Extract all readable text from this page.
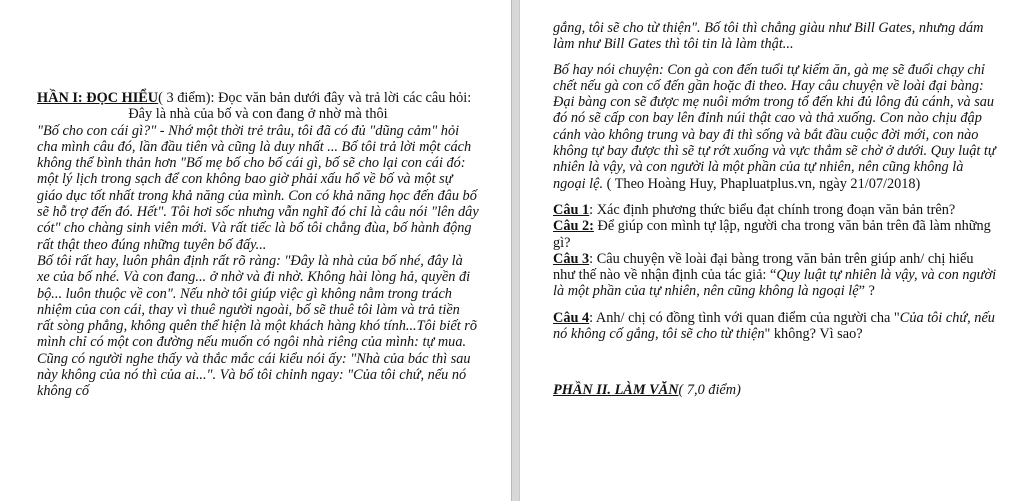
HẦN I: ĐỌC HIỂU( 3 điểm): Đọc văn bản dưới đây và trả lời các câu hỏi:

Đây là nhà của bố và con đang ở nhờ mà thôi

"Bố cho con cái gì?" - Nhớ một thời trẻ trâu, tôi đã có đủ "dũng cảm" hỏi cha mình câu đó, lần đầu tiên và cũng là duy nhất ... Bố tôi trả lời một cách không thể bình thản hơn "Bố mẹ bố cho bố cái gì, bố sẽ cho lại con cái đó: một lý lịch trong sạch để con không bao giờ phải xấu hổ về bố và một sự giáo dục tốt nhất trong khả năng của mình. Con có khả năng học đến đâu bố sẽ hỗ trợ đến đó. Hết". Tôi hơi sốc nhưng vẫn nghĩ đó chỉ là câu nói "lên dây cót" cho chàng sinh viên mới. Và rất tiếc là bố tôi chẳng đùa, bố hành động rất thật theo đúng những tuyên bố đấy...

Bố tôi rất hay, luôn phân định rất rõ ràng: "Đây là nhà của bố nhé, đây là xe của bố nhé. Và con đang... ở nhờ và đi nhờ. Không hài lòng hả, quyền đi bộ... luôn thuộc về con". Nếu nhờ tôi giúp việc gì không nằm trong trách nhiệm của con cái, thay vì thuê người ngoài, bố sẽ thuê tôi làm và trả tiền rất sòng phẳng, không quên thể hiện là một khách hàng khó tính...Tôi biết rõ mình chỉ có một con đường nếu muốn có ngôi nhà riêng của mình: tự mua. Cũng có người nghe thấy và thắc mắc cái kiểu nói ấy: "Nhà của bác thì sau này không của nó thì của ai...". Và bố tôi chỉnh ngay: "Của tôi chứ, nếu nó không cố

gắng, tôi sẽ cho từ thiện". Bố tôi thì chẳng giàu như Bill Gates, nhưng dám làm như Bill Gates thì tôi tin là làm thật...

Bố hay nói chuyện: Con gà con đến tuổi tự kiếm ăn, gà mẹ sẽ đuổi chạy chỉ chết nếu gà con cố đến gần hoặc đi theo. Hay câu chuyện về loài đại bàng: Đại bàng con sẽ được mẹ nuôi mớm trong tổ đến khi đủ lông đủ cánh, và sau đó nó sẽ cấp con bay lên đỉnh núi thật cao và thả xuống. Con nào chịu đập cánh vào không trung và bay đi thì sống và bắt đầu cuộc đời mới, con nào không tự bay được thì sẽ tự rớt xuống và vực thẳm sẽ chờ ở dưới. Quy luật tự nhiên là vậy, và con người là một phần của tự nhiên, nên cũng không là ngoại lệ. ( Theo Hoàng Huy, Phapluatplus.vn, ngày 21/07/2018)

Câu 1: Xác định phương thức biểu đạt chính trong đoạn văn bản trên?

Câu 2: Để giúp con mình tự lập, người cha trong văn bản trên đã làm những gì?

Câu 3: Câu chuyện về loài đại bàng trong văn bản trên giúp anh/ chị hiểu như thế nào về nhận định của tác giả: “Quy luật tự nhiên là vậy, và con người là một phần của tự nhiên, nên cũng không là ngoại lệ” ?

Câu 4: Anh/ chị có đồng tình với quan điểm của người cha "Của tôi chứ, nếu nó không cố gắng, tôi sẽ cho từ thiện" không? Vì sao?

PHẦN II. LÀM VĂN( 7,0 điểm)
